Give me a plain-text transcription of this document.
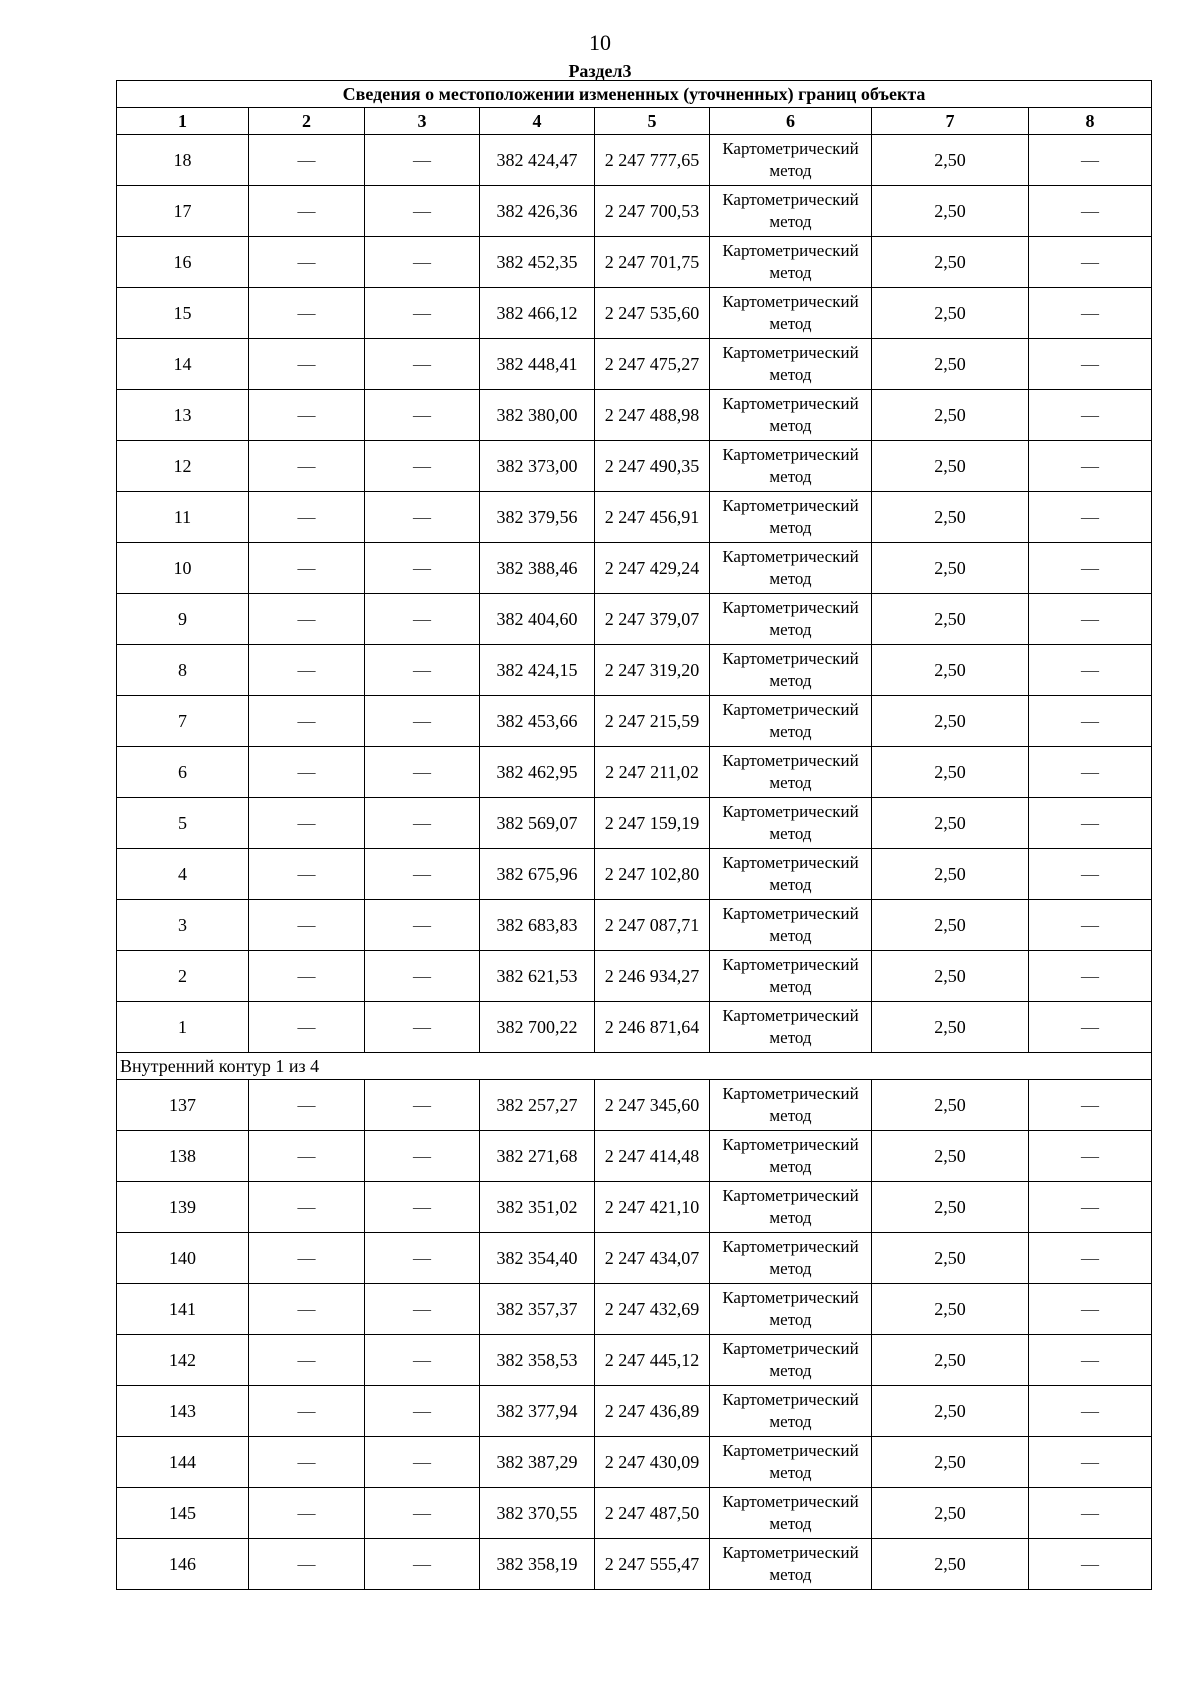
10
Раздел3
Сведения о местоположении измененных (уточненных) границ объекта							
1	2	3	4	5	6	7	8
18	—	—	382 424,47	2 247 777,65	Картометрический метод	2,50	—
17	—	—	382 426,36	2 247 700,53	Картометрический метод	2,50	—
16	—	—	382 452,35	2 247 701,75	Картометрический метод	2,50	—
15	—	—	382 466,12	2 247 535,60	Картометрический метод	2,50	—
14	—	—	382 448,41	2 247 475,27	Картометрический метод	2,50	—
13	—	—	382 380,00	2 247 488,98	Картометрический метод	2,50	—
12	—	—	382 373,00	2 247 490,35	Картометрический метод	2,50	—
11	—	—	382 379,56	2 247 456,91	Картометрический метод	2,50	—
10	—	—	382 388,46	2 247 429,24	Картометрический метод	2,50	—
9	—	—	382 404,60	2 247 379,07	Картометрический метод	2,50	—
8	—	—	382 424,15	2 247 319,20	Картометрический метод	2,50	—
7	—	—	382 453,66	2 247 215,59	Картометрический метод	2,50	—
6	—	—	382 462,95	2 247 211,02	Картометрический метод	2,50	—
5	—	—	382 569,07	2 247 159,19	Картометрический метод	2,50	—
4	—	—	382 675,96	2 247 102,80	Картометрический метод	2,50	—
3	—	—	382 683,83	2 247 087,71	Картометрический метод	2,50	—
2	—	—	382 621,53	2 246 934,27	Картометрический метод	2,50	—
1	—	—	382 700,22	2 246 871,64	Картометрический метод	2,50	—
Внутренний контур 1 из 4							
137	—	—	382 257,27	2 247 345,60	Картометрический метод	2,50	—
138	—	—	382 271,68	2 247 414,48	Картометрический метод	2,50	—
139	—	—	382 351,02	2 247 421,10	Картометрический метод	2,50	—
140	—	—	382 354,40	2 247 434,07	Картометрический метод	2,50	—
141	—	—	382 357,37	2 247 432,69	Картометрический метод	2,50	—
142	—	—	382 358,53	2 247 445,12	Картометрический метод	2,50	—
143	—	—	382 377,94	2 247 436,89	Картометрический метод	2,50	—
144	—	—	382 387,29	2 247 430,09	Картометрический метод	2,50	—
145	—	—	382 370,55	2 247 487,50	Картометрический метод	2,50	—
146	—	—	382 358,19	2 247 555,47	Картометрический метод	2,50	—
